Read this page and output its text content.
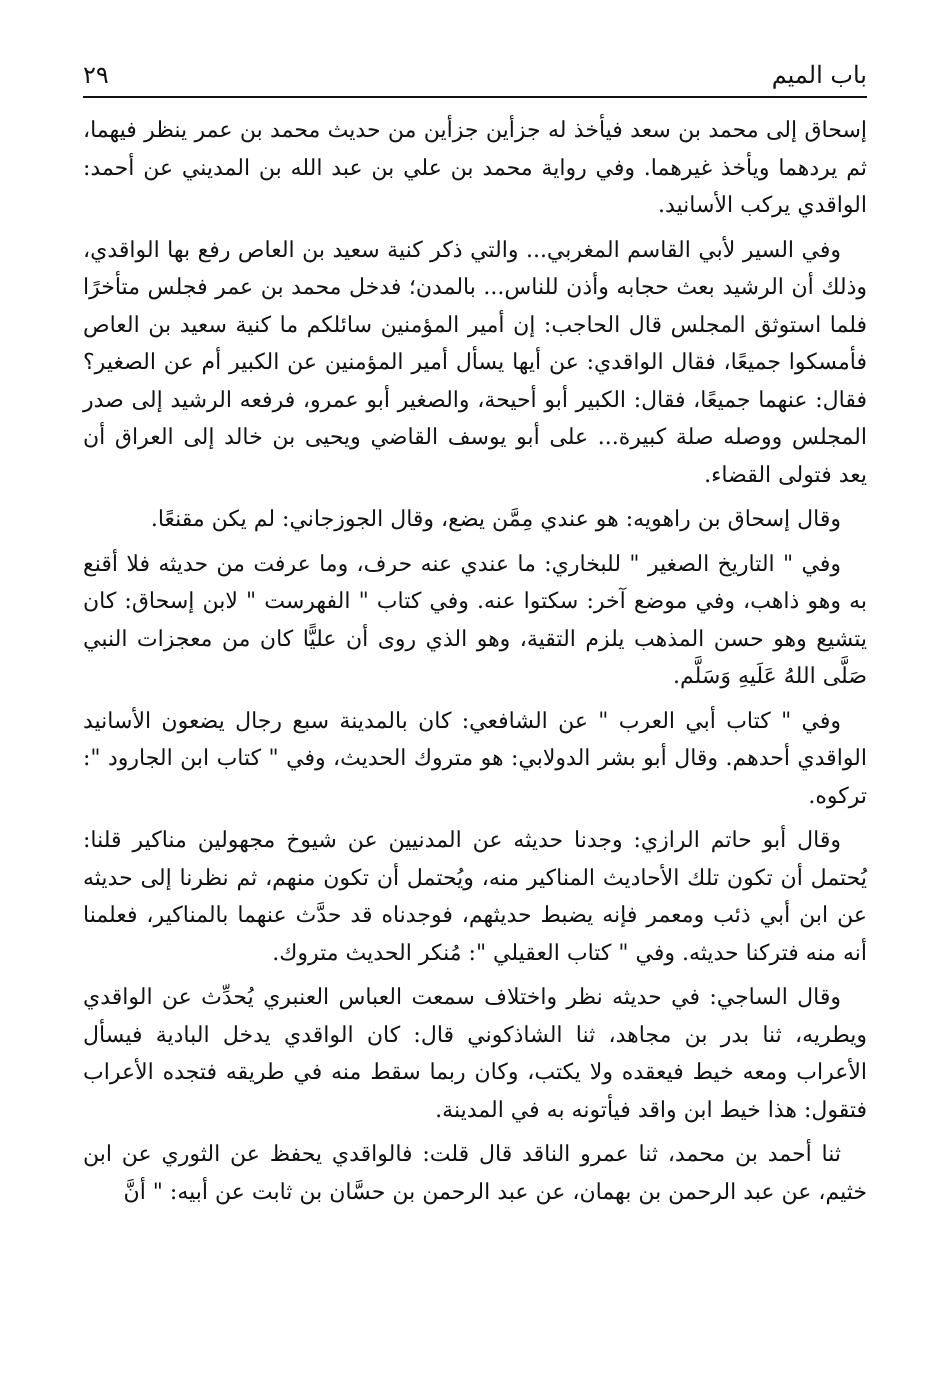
باب الميم
٢٩

إسحاق إلى محمد بن سعد فيأخذ له جزأين جزأين من حديث محمد بن عمر ينظر فيهما، ثم يردهما ويأخذ غيرهما. وفي رواية محمد بن علي بن عبد الله بن المديني عن أحمد: الواقدي يركب الأسانيد.

وفي السير لأبي القاسم المغربي... والتي ذكر كنية سعيد بن العاص رفع بها الواقدي، وذلك أن الرشيد بعث حجابه وأذن للناس... بالمدن؛ فدخل محمد بن عمر فجلس متأخرًا فلما استوثق المجلس قال الحاجب: إن أمير المؤمنين سائلكم ما كنية سعيد بن العاص فأمسكوا جميعًا، فقال الواقدي: عن أيها يسأل أمير المؤمنين عن الكبير أم عن الصغير؟ فقال: عنهما جميعًا، فقال: الكبير أبو أحيحة، والصغير أبو عمرو، فرفعه الرشيد إلى صدر المجلس ووصله صلة كبيرة... على أبو يوسف القاضي ويحيى بن خالد إلى العراق أن يعد فتولى القضاء.

وقال إسحاق بن راهويه: هو عندي مِمَّن يضع، وقال الجوزجاني: لم يكن مقنعًا.

وفي " التاريخ الصغير " للبخاري: ما عندي عنه حرف، وما عرفت من حديثه فلا أقنع به وهو ذاهب، وفي موضع آخر: سكتوا عنه. وفي كتاب " الفهرست " لابن إسحاق: كان يتشيع وهو حسن المذهب يلزم التقية، وهو الذي روى أن عليًّا كان من معجزات النبي صَلَّى اللهُ عَلَيهِ وَسَلَّم.

وفي " كتاب أبي العرب " عن الشافعي: كان بالمدينة سبع رجال يضعون الأسانيد الواقدي أحدهم. وقال أبو بشر الدولابي: هو متروك الحديث، وفي " كتاب ابن الجارود ": تركوه.

وقال أبو حاتم الرازي: وجدنا حديثه عن المدنيين عن شيوخ مجهولين مناكير قلنا: يُحتمل أن تكون تلك الأحاديث المناكير منه، ويُحتمل أن تكون منهم، ثم نظرنا إلى حديثه عن ابن أبي ذئب ومعمر فإنه يضبط حديثهم، فوجدناه قد حدَّث عنهما بالمناكير، فعلمنا أنه منه فتركنا حديثه. وفي " كتاب العقيلي ": مُنكر الحديث متروك.

وقال الساجي: في حديثه نظر واختلاف سمعت العباس العنبري يُحدِّث عن الواقدي ويطريه، ثنا بدر بن مجاهد، ثنا الشاذكوني قال: كان الواقدي يدخل البادية فيسأل الأعراب ومعه خيط فيعقده ولا يكتب، وكان ربما سقط منه في طريقه فتجده الأعراب فتقول: هذا خيط ابن واقد فيأتونه به في المدينة.

ثنا أحمد بن محمد، ثنا عمرو الناقد قال قلت: فالواقدي يحفظ عن الثوري عن ابن خثيم، عن عبد الرحمن بن بهمان، عن عبد الرحمن بن حسَّان بن ثابت عن أبيه: " أنَّ
